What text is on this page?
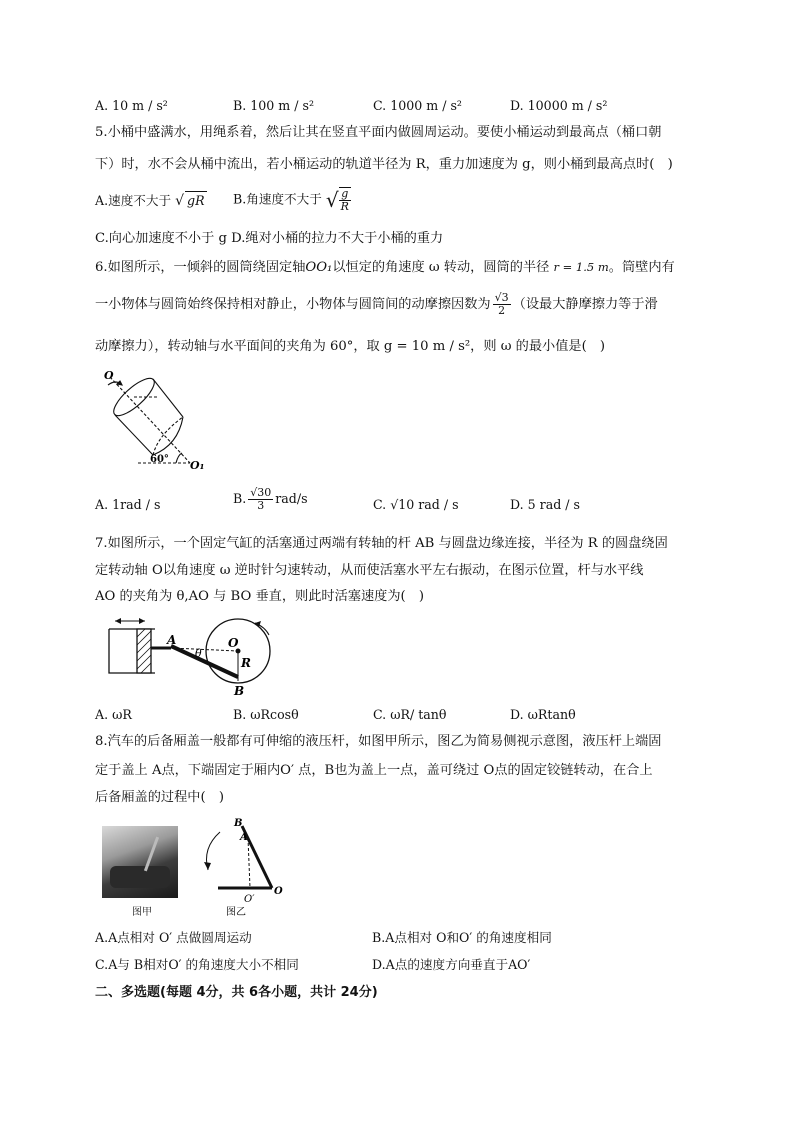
A. 10 m / s²	B. 100 m / s²	C. 1000 m / s²	D. 10000 m / s²
5.小桶中盛满水，用绳系着，然后让其在竖直平面内做圆周运动。要使小桶运动到最高点（桶口朝
下）时，水不会从桶中流出，若小桶运动的轨道半径为 R，重力加速度为 g，则小桶到最高点时(　)
A.速度不大于 √ gR B.角速度不大于 √ $\frac{g}{R}$
C.向心加速度不小于 g D.绳对小桶的拉力不大于小桶的重力
6.如图所示，一倾斜的圆筒绕固定轴OO₁以恒定的角速度 ω 转动，圆筒的半径 r = 1.5 m。筒壁内有
一小物体与圆筒始终保持相对静止，小物体与圆筒间的动摩擦因数为 $\frac{√3}{2}$ （设最大静摩擦力等于滑
动摩擦力），转动轴与水平面间的夹角为 60°，取 g = 10 m / s²，则 ω 的最小值是(　)
O
60° O₁
A. 1rad / s	B. $\frac{√30}{3} rad/s$	C. √10 rad / s	D. 5 rad / s
7.如图所示，一个固定气缸的活塞通过两端有转轴的杆 AB 与圆盘边缘连接，半径为 R 的圆盘绕固
定转动轴 O以角速度 ω 逆时针匀速转动，从而使活塞水平左右振动，在图示位置，杆与水平线
AO 的夹角为 θ,AO 与 BO 垂直，则此时活塞速度为(　)
A	O
θ
R
B
A. ωR	B. ωRcosθ	C. ωR/ tanθ	D. ωRtanθ
8.汽车的后备厢盖一般都有可伸缩的液压杆，如图甲所示，图乙为简易侧视示意图，液压杆上端固
定于盖上 A点，下端固定于厢内O′ 点，B也为盖上一点，盖可绕过 O点的固定铰链转动，在合上
后备厢盖的过程中(　)
图甲
B
A
O
O′
图乙
A.A点相对 O′ 点做圆周运动	B.A点相对 O和O′ 的角速度相同
C.A与 B相对O′ 的角速度大小不相同	D.A点的速度方向垂直于AO′
二、多选题(每题 4分，共 6各小题，共计 24分)
